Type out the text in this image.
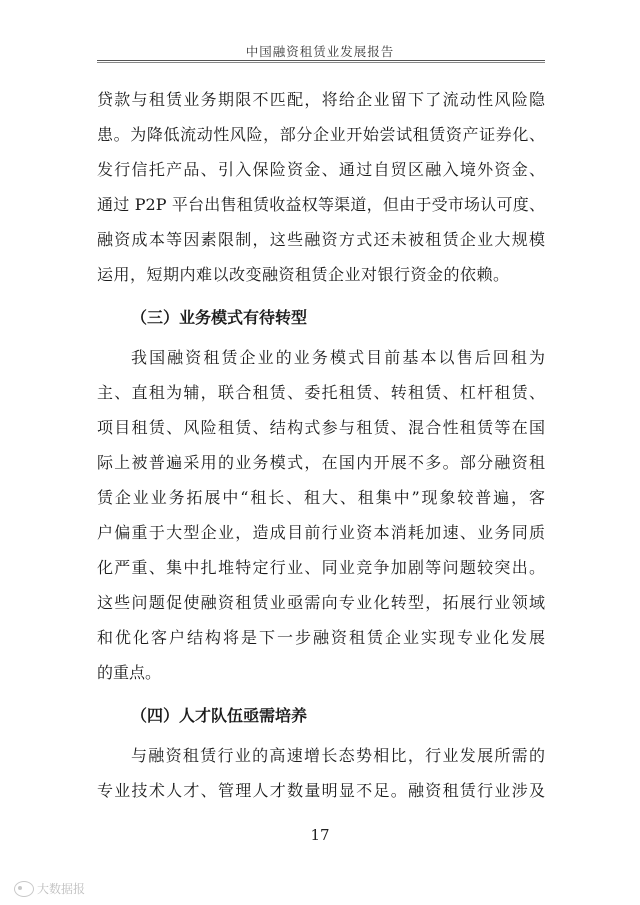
中国融资租赁业发展报告
贷款与租赁业务期限不匹配，将给企业留下了流动性风险隐
患。为降低流动性风险，部分企业开始尝试租赁资产证券化、
发行信托产品、引入保险资金、通过自贸区融入境外资金、
通过 P2P 平台出售租赁收益权等渠道，但由于受市场认可度、
融资成本等因素限制，这些融资方式还未被租赁企业大规模
运用，短期内难以改变融资租赁企业对银行资金的依赖。
（三）业务模式有待转型
我国融资租赁企业的业务模式目前基本以售后回租为
主、直租为辅，联合租赁、委托租赁、转租赁、杠杆租赁、
项目租赁、风险租赁、结构式参与租赁、混合性租赁等在国
际上被普遍采用的业务模式，在国内开展不多。部分融资租
赁企业业务拓展中“租长、租大、租集中”现象较普遍，客
户偏重于大型企业，造成目前行业资本消耗加速、业务同质
化严重、集中扎堆特定行业、同业竞争加剧等问题较突出。
这些问题促使融资租赁业亟需向专业化转型，拓展行业领域
和优化客户结构将是下一步融资租赁企业实现专业化发展
的重点。
（四）人才队伍亟需培养
与融资租赁行业的高速增长态势相比，行业发展所需的
专业技术人才、管理人才数量明显不足。融资租赁行业涉及
17
大数据报
